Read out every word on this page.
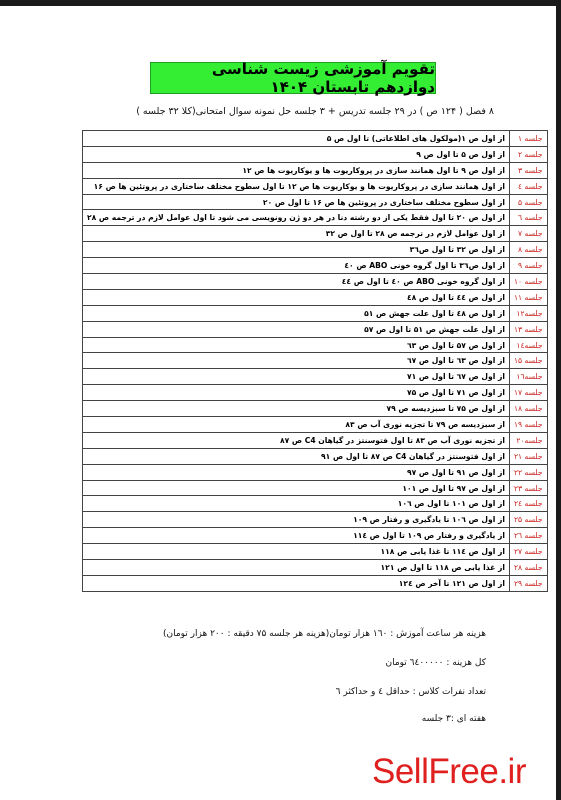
تقویم آموزشی زیست شناسی دوازدهم تابستان ۱۴۰۴
۸ فصل ( ۱۲۴ ص ) در ۲۹ جلسه تدریس + ۳ جلسه حل نمونه سوال امتحانی(کلا ۳۲ جلسه )
جلسه ۱	از اول ص ۱(مولکول های اطلاعاتی) تا اول ص ۵
جلسه ۲	از اول ص ۵ تا اول ص ۹
جلسه ۳	از اول ص ۹ تا اول همانند سازی در پروکاریوت ها و یوکاریوت ها ص ۱۲
جلسه ٤	از اول همانند سازی در پروکاریوت ها و یوکاریوت ها ص ۱۲ تا اول سطوح مختلف ساختاری در پروتئین ها ص ۱۶
جلسه ۵	از اول سطوح مختلف ساختاری در پروتئین ها ص ۱۶ تا اول ص ۲۰
جلسه ٦	از اول ص ۲۰ تا اول فقط یکی از دو رشته دنا در هر دو ژن رونویسی می شود تا اول عوامل لازم در ترجمه ص ۲۸
جلسه ۷	از اول عوامل لازم در ترجمه ص ۲۸ تا اول ص ۳۲
جلسه ۸	از اول ص ۳۲ تا اول ص۳٦
جلسه ۹	از اول ص۳٦ تا اول گروه خونی ABO ص ٤۰
جلسه ۱۰	از اول گروه خونی ABO ص ٤۰ تا اول ص ٤٤
جلسه ۱۱	از اول ص ٤٤ تا اول ص ٤۸
جلسه۱۲	از اول ص ٤۸ تا اول علت جهش ص ۵۱
جلسه ۱۳	از اول علت جهش ص ۵۱ تا اول ص ۵۷
جلسه۱٤	از اول ص ۵۷ تا اول ص ٦۳
جلسه ۱۵	از اول ص ٦۳ تا اول ص ٦۷
جلسه۱٦	از اول ص ٦۷ تا اول ص ۷۱
جلسه ۱۷	از اول ص ۷۱ تا اول ص ۷۵
جلسه ۱۸	از اول ص ۷۵ تا سبزدیسه ص ۷۹
جلسه ۱۹	از سبزدیسه ص ۷۹ تا تجزیه نوری آب ص ۸۳
جلسه۲۰	از تجزیه نوری آب ص ۸۳ تا اول فتوسنتز در گیاهان C4 ص ۸۷
جلسه ۲۱	از اول فتوسنتز در گیاهان C4 ص ۸۷ تا اول ص ۹۱
جلسه ۲۲	از اول ص ۹۱ تا اول ص ۹۷
جلسه ۲۳	از اول ص ۹۷ تا اول ص ۱۰۱
جلسه ۲٤	از اول ص ۱۰۱ تا اول ص ۱۰٦
جلسه ۲۵	از اول ص ۱۰٦ تا یادگیری و رفتار ص ۱۰۹
جلسه ۲٦	از یادگیری و رفتار ص ۱۰۹ تا اول ص ۱۱٤
جلسه ۲۷	از اول ص ۱۱٤ تا غذا یابی ص ۱۱۸
جلسه ۲۸	از غذا یابی ص ۱۱۸ تا اول ص ۱۲۱
جلسه ۲۹	از اول ص ۱۲۱ تا آخر ص ۱۲٤
هزینه هر ساعت آموزش : ۱٦۰ هزار تومان(هزینه هر جلسه ۷۵ دقیقه : ۲۰۰ هزار تومان)
کل هزینه : ٦٤۰۰۰۰۰ تومان
تعداد نفرات کلاس : حداقل ٤ و حداکثر ٦
هفته ای :۳ جلسه
SellFree.ir
